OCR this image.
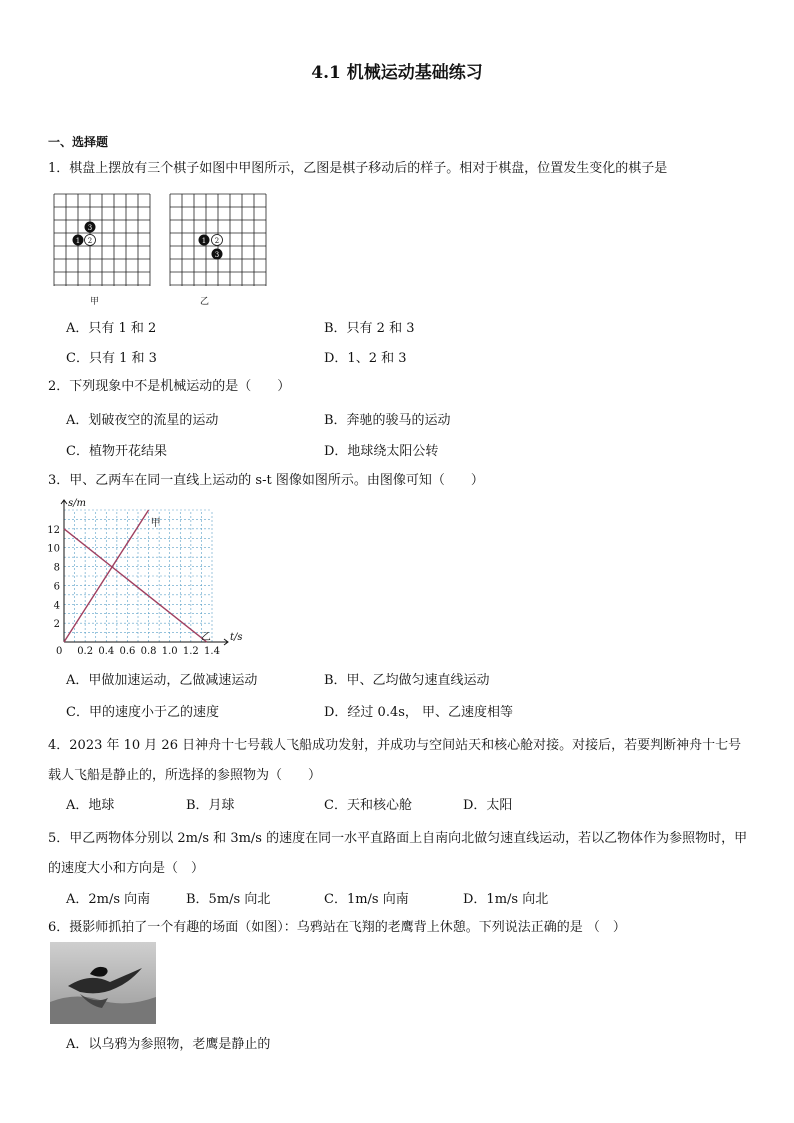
4.1 机械运动基础练习
一、选择题
1．棋盘上摆放有三个棋子如图中甲图所示，乙图是棋子移动后的样子。相对于棋盘，位置发生变化的棋子是
1 2
3
甲
1 2
3
乙
A．只有 1 和 2	B．只有 2 和 3
C．只有 1 和 3	D．1、2 和 3
2．下列现象中不是机械运动的是（　　）
A．划破夜空的流星的运动	B．奔驰的骏马的运动
C．植物开花结果	D．地球绕太阳公转
3．甲、乙两车在同一直线上运动的 s-t 图像如图所示。由图像可知（　　）
0 0.2 0.4 0.6 0.8 1.0 1.2 1.4
2
4
6
8
10
12
甲
乙 t/s
s/m
A．甲做加速运动，乙做减速运动	B．甲、乙均做匀速直线运动
C．甲的速度小于乙的速度	D．经过 0.4s， 甲、乙速度相等
4．2023 年 10 月 26 日神舟十七号载人飞船成功发射，并成功与空间站天和核心舱对接。对接后，若要判断神舟十七号载人飞船是静止的，所选择的参照物为（　　）
A．地球	B．月球	C．天和核心舱	D．太阳
5．甲乙两物体分别以 2m/s 和 3m/s 的速度在同一水平直路面上自南向北做匀速直线运动，若以乙物体作为参照物时，甲的速度大小和方向是（　）
A．2m/s 向南	B．5m/s 向北	C．1m/s 向南	D．1m/s 向北
6．摄影师抓拍了一个有趣的场面（如图）：乌鸦站在飞翔的老鹰背上休憩。下列说法正确的是 （　）
A．以乌鸦为参照物，老鹰是静止的
